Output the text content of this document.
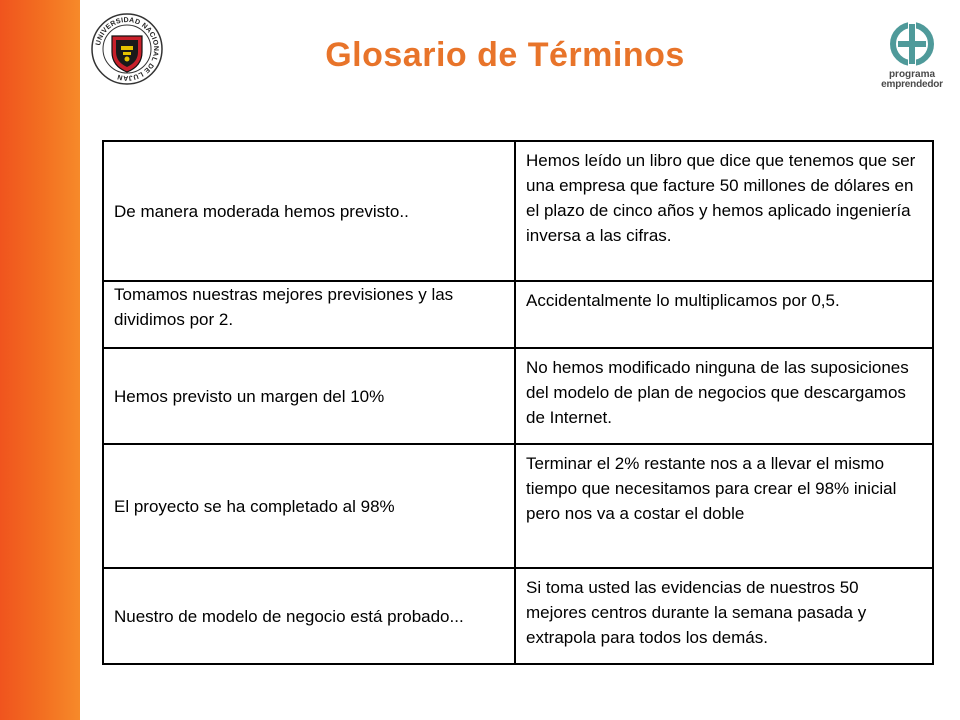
UNIVERSIDAD NACIONAL DE LUJAN
Glosario de Términos
programa
emprendedor
De manera moderada hemos previsto..	Hemos leído un libro que dice que tenemos que ser una empresa que facture 50 millones de dólares en el plazo de cinco años y hemos aplicado ingeniería inversa a las cifras.
Tomamos nuestras mejores previsiones y las dividimos por 2.	Accidentalmente lo multiplicamos por 0,5.
Hemos previsto un margen del 10%	No hemos modificado ninguna de las suposiciones del modelo de plan de negocios que descargamos de Internet.
El proyecto se ha completado al 98%	Terminar el 2% restante nos a a llevar el mismo tiempo que necesitamos para crear el 98% inicial pero nos va a costar el doble
Nuestro de modelo de negocio está probado...	Si toma usted las evidencias de nuestros 50 mejores centros durante la semana pasada y extrapola para todos los demás.
